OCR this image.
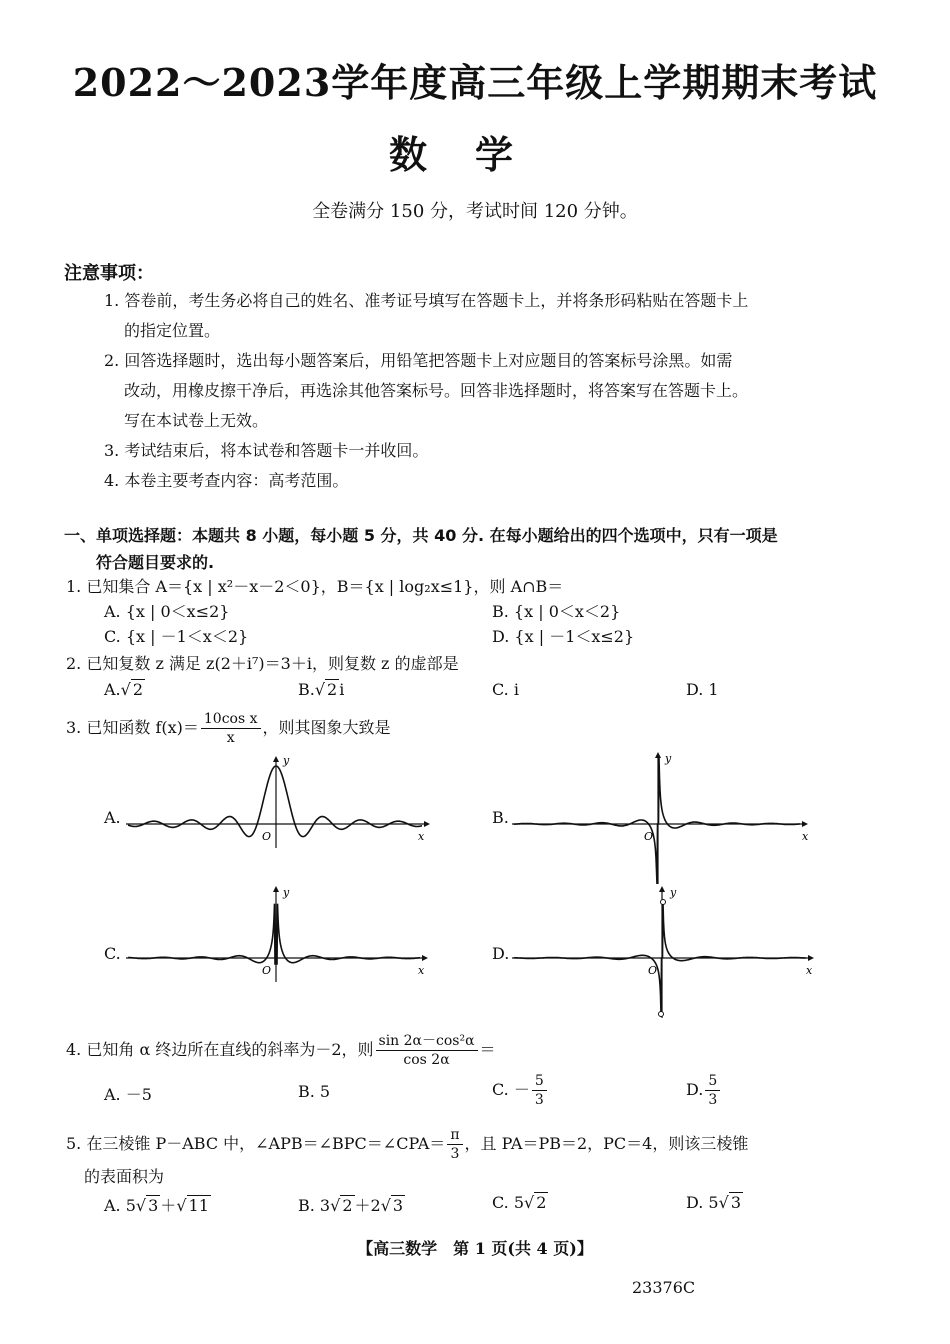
2022～2023学年度高三年级上学期期末考试
数学
全卷满分 150 分，考试时间 120 分钟。
注意事项：
1. 答卷前，考生务必将自己的姓名、准考证号填写在答题卡上，并将条形码粘贴在答题卡上
的指定位置。
2. 回答选择题时，选出每小题答案后，用铅笔把答题卡上对应题目的答案标号涂黑。如需
改动，用橡皮擦干净后，再选涂其他答案标号。回答非选择题时，将答案写在答题卡上。
写在本试卷上无效。
3. 考试结束后，将本试卷和答题卡一并收回。
4. 本卷主要考查内容：高考范围。
一、单项选择题：本题共 8 小题，每小题 5 分，共 40 分. 在每小题给出的四个选项中，只有一项是
符合题目要求的.
1. 已知集合 A＝{x | x²－x－2＜0}，B＝{x | log₂x≤1}，则 A∩B＝
A. {x | 0＜x≤2}	B. {x | 0＜x＜2}
C. {x | －1＜x＜2}	D. {x | －1＜x≤2}
2. 已知复数 z 满足 z(2＋i⁷)＝3＋i，则复数 z 的虚部是
A.√ 2	B.√ 2 i	C. i	D. 1
3. 已知函数 $f(x)= \frac{\text{10cos x}}{x}$ ，则其图象大致是
A.
y
x
O
B.
y
x
O
C.
y
x
O
D.
y
x
O
4. 已知角 α 终边所在直线的斜率为－2，则 $\frac{\text{sin 2α－cos²α}}{\cos 2\alpha}$ ＝
A. －5	B. 5	C. － $\frac{5}{3}$	D. $\frac{5}{3}$
5. 在三棱锥 P－ABC 中，∠APB＝∠BPC＝∠CPA＝ $\frac{\pi}{3}$ ，且 PA＝PB＝2，PC＝4，则该三棱锥
的表面积为
A. 5√ 3 ＋√ 11	B. 3√ 2 ＋2√ 3	C. 5√ 2	D. 5√ 3
【高三数学　第 1 页(共 4 页)】
23376C
